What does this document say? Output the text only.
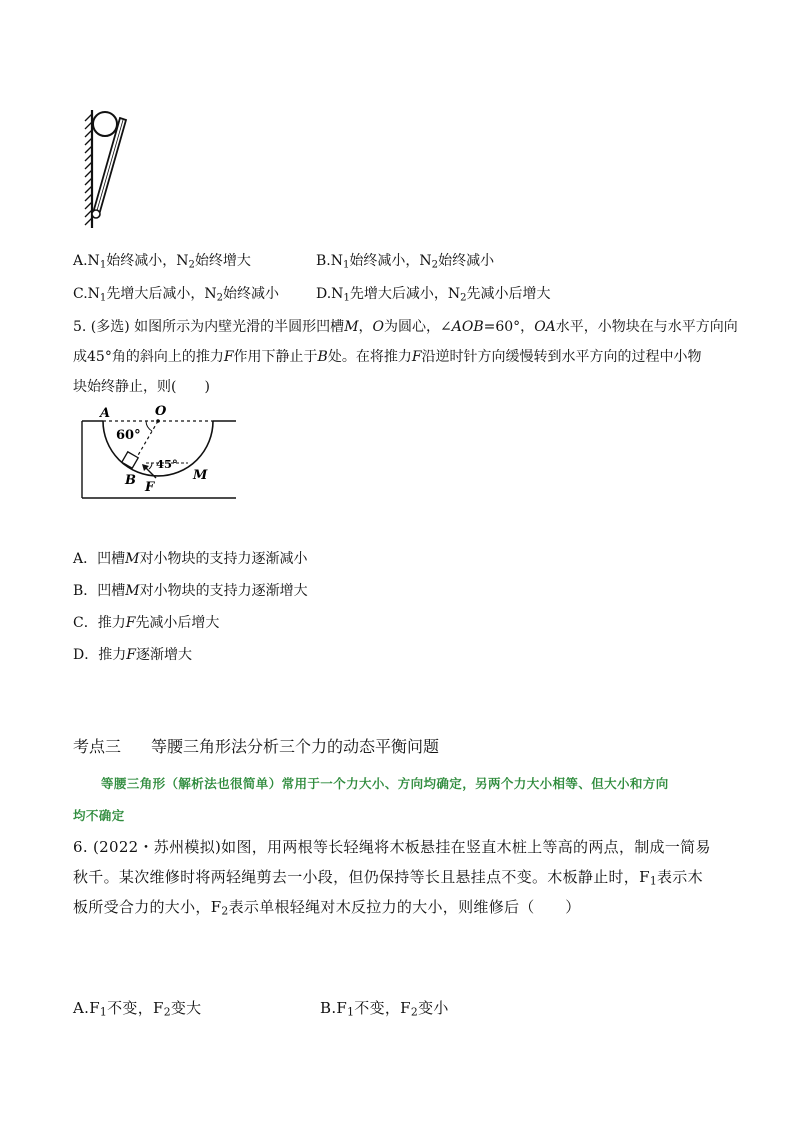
$A.N_1$始终减小，$N_2$始终增大	$B.N_1$始终减小，$N_2$始终减小
$C.N_1$先增大后减小，$N_2$始终减小	$D.N_1$先增大后减小，$N_2$先减小后增大
5. (多选) 如图所示为内壁光滑的半圆形凹槽M，O为圆心，∠AOB=60°，OA水平，小物块在与水平方向向
成45°角的斜向上的推力F作用下静止于B处。在将推力F沿逆时针方向缓慢转到水平方向的过程中小物
块始终静止，则(　　)
A	O
60°
45°
B F
M
A．凹槽M对小物块的支持力逐渐减小
B．凹槽M对小物块的支持力逐渐增大
C．推力F先减小后增大
D．推力F逐渐增大
考点三 等腰三角形法分析三个力的动态平衡问题
等腰三角形（解析法也很简单）常用于一个力大小、方向均确定，另两个力大小相等、但大小和方向
均不确定
6. (2022・苏州模拟)如图，用两根等长轻绳将木板悬挂在竖直木桩上等高的两点，制成一简易
秋千。某次维修时将两轻绳剪去一小段，但仍保持等长且悬挂点不变。木板静止时，$F_1$表示木
板所受合力的大小，$F_2$表示单根轻绳对木反拉力的大小，则维修后（　　）
$A.F_1$不变，$F_2$变大	$B.F_1$不变，$F_2$变小
